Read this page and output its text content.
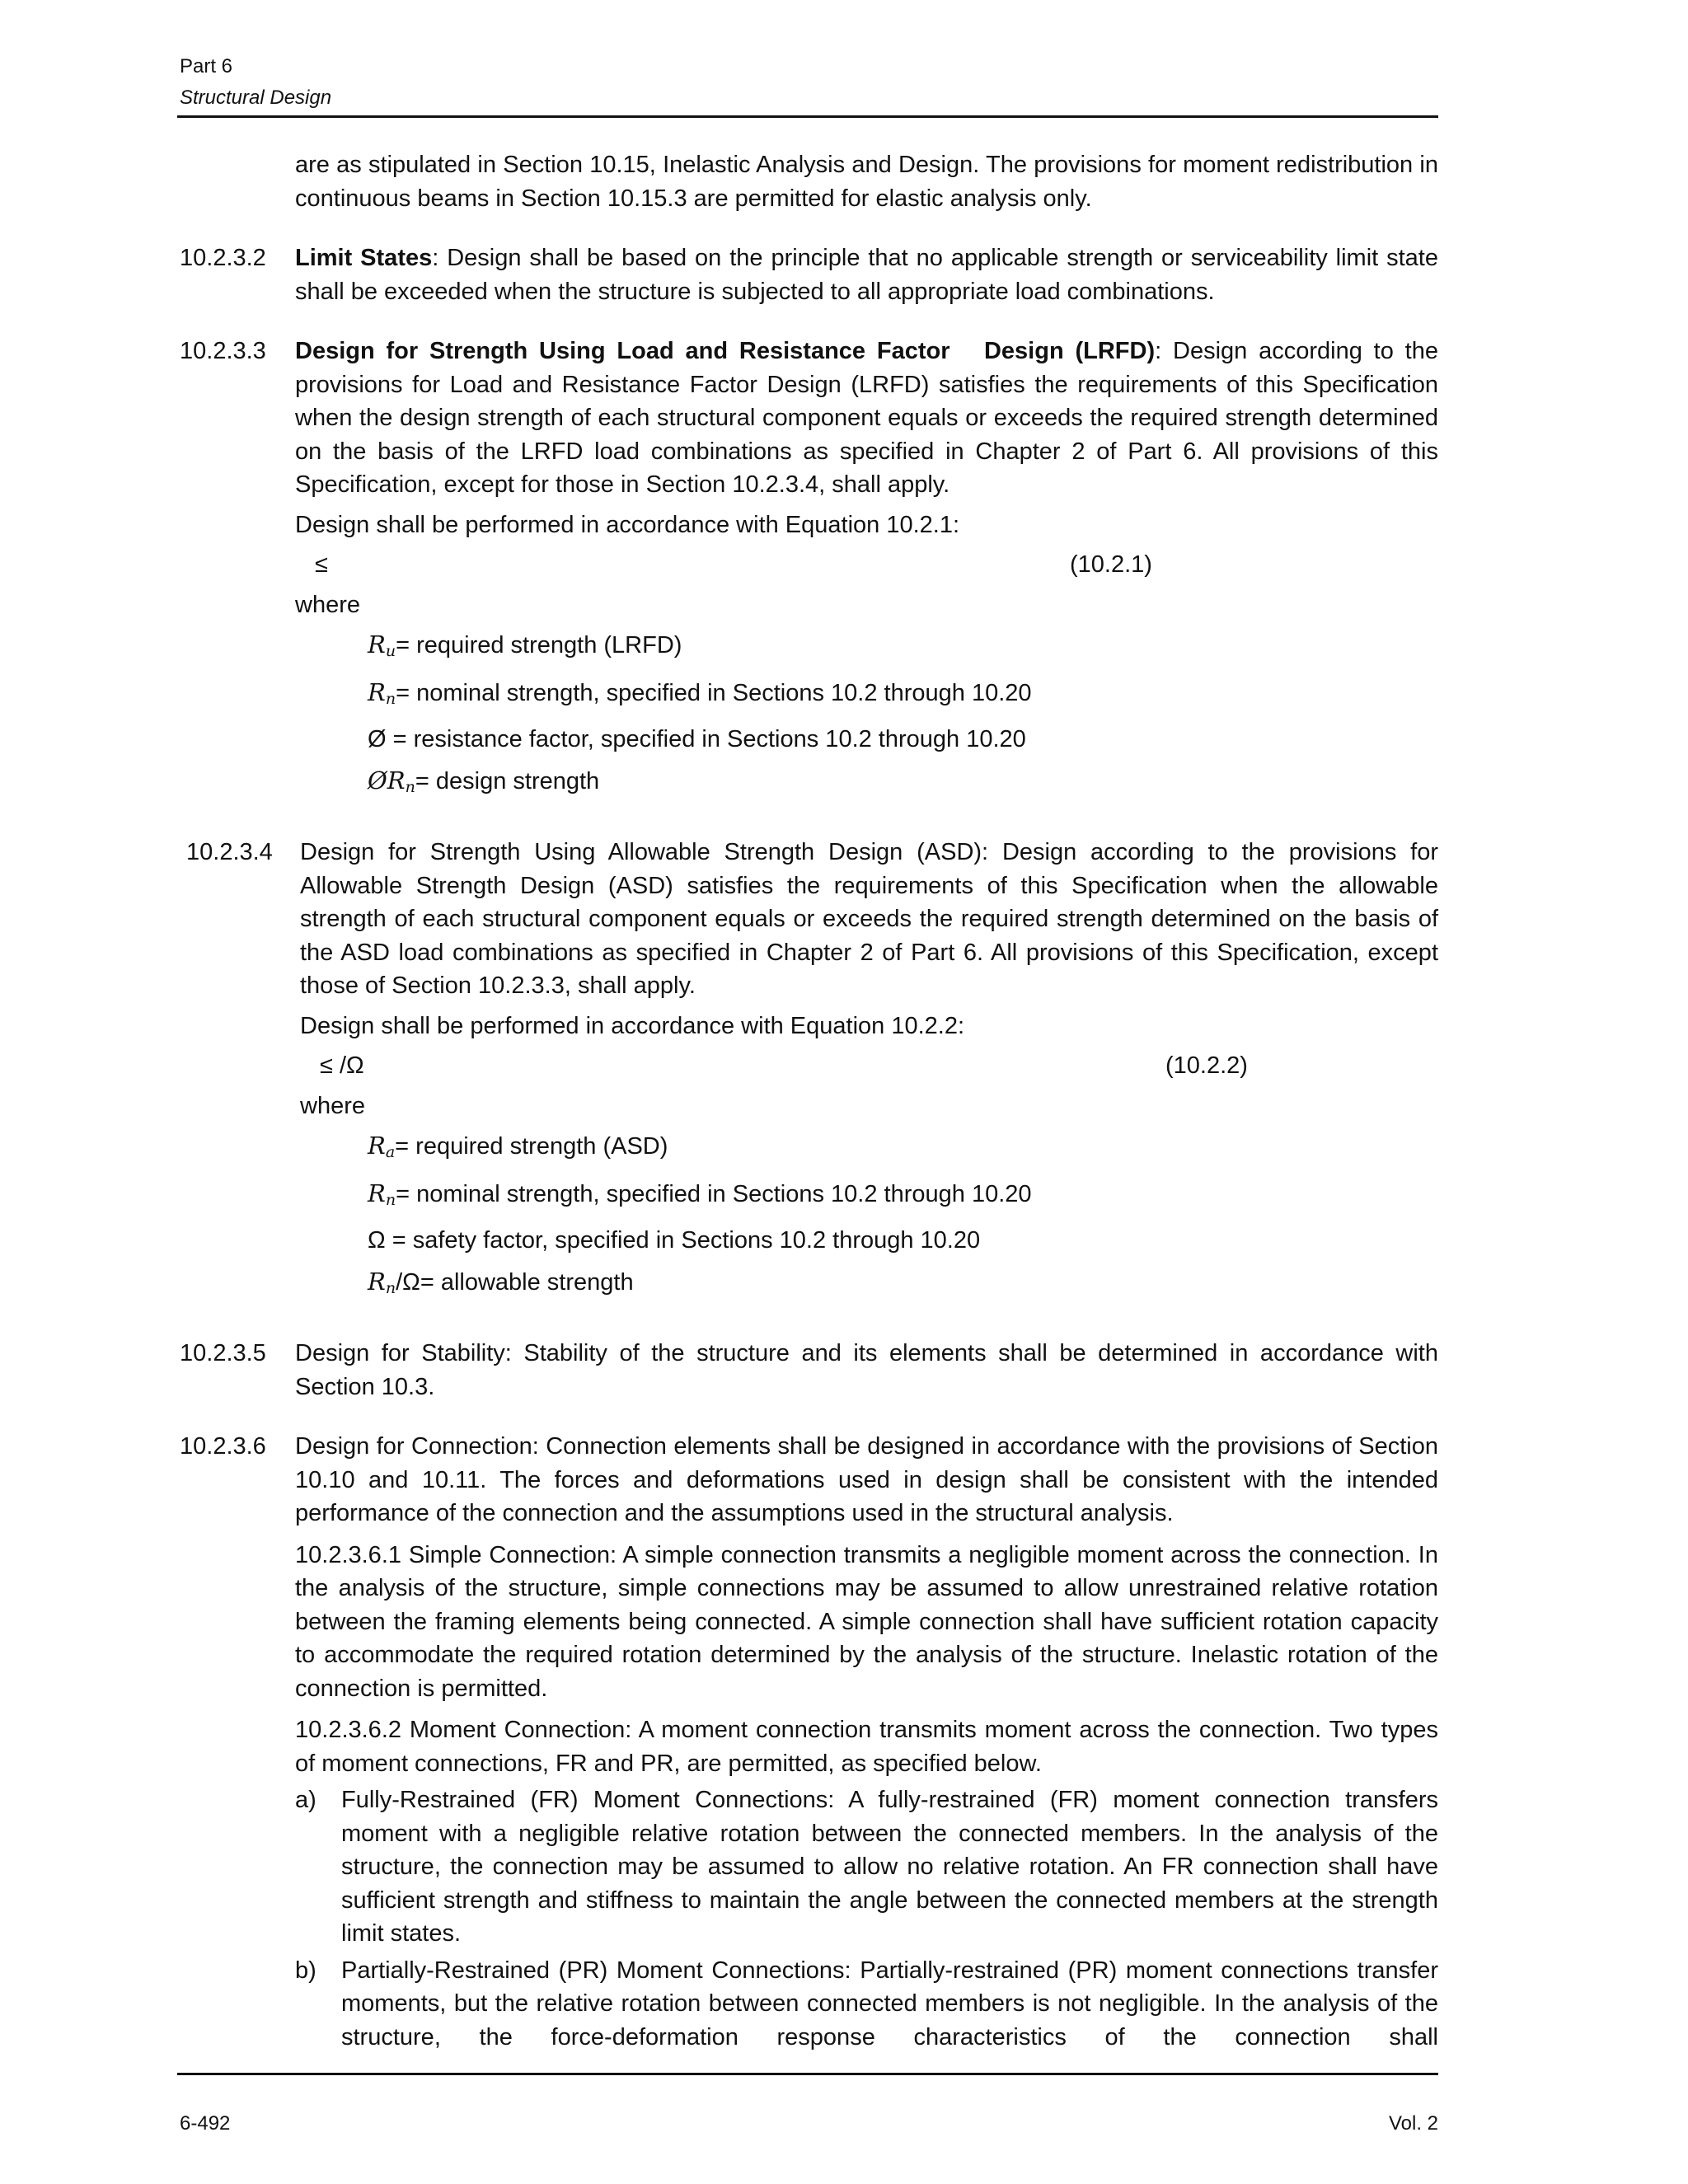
Part 6
Structural Design
are as stipulated in Section 10.15, Inelastic Analysis and Design. The provisions for moment redistribution in continuous beams in Section 10.15.3 are permitted for elastic analysis only.
10.2.3.2	Limit States: Design shall be based on the principle that no applicable strength or serviceability limit state shall be exceeded when the structure is subjected to all appropriate load combinations.
10.2.3.3	Design for Strength Using Load and Resistance Factor   Design (LRFD): Design according to the provisions for Load and Resistance Factor Design (LRFD) satisfies the requirements of this Specification when the design strength of each structural component equals or exceeds the required strength determined on the basis of the LRFD load combinations as specified in Chapter 2 of Part 6. All provisions of this Specification, except for those in Section 10.2.3.4, shall apply.
Design shall be performed in accordance with Equation 10.2.1:
≤	(10.2.1)
where
$R_u=$ required strength (LRFD)
$R_n=$ nominal strength, specified in Sections 10.2 through 10.20
Ø = resistance factor, specified in Sections 10.2 through 10.20
$ØR_n=$ design strength
10.2.3.4	Design for Strength Using Allowable Strength Design (ASD): Design according to the provisions for Allowable Strength Design (ASD) satisfies the requirements of this Specification when the allowable strength of each structural component equals or exceeds the required strength determined on the basis of the ASD load combinations as specified in Chapter 2 of Part 6. All provisions of this Specification, except those of Section 10.2.3.3, shall apply.
Design shall be performed in accordance with Equation 10.2.2:
≤ /Ω	(10.2.2)
where
$R_a=$ required strength (ASD)
$R_n=$ nominal strength, specified in Sections 10.2 through 10.20
Ω = safety factor, specified in Sections 10.2 through 10.20
$R_n/\Omega=$ allowable strength
10.2.3.5	Design for Stability: Stability of the structure and its elements shall be determined in accordance with Section 10.3.
10.2.3.6	Design for Connection: Connection elements shall be designed in accordance with the provisions of Section 10.10 and 10.11. The forces and deformations used in design shall be consistent with the intended performance of the connection and the assumptions used in the structural analysis.
10.2.3.6.1 Simple Connection: A simple connection transmits a negligible moment across the connection. In the analysis of the structure, simple connections may be assumed to allow unrestrained relative rotation between the framing elements being connected. A simple connection shall have sufficient rotation capacity to accommodate the required rotation determined by the analysis of the structure. Inelastic rotation of the connection is permitted.
10.2.3.6.2 Moment Connection: A moment connection transmits moment across the connection. Two types of moment connections, FR and PR, are permitted, as specified below.
a)	Fully-Restrained (FR) Moment Connections: A fully-restrained (FR) moment connection transfers moment with a negligible relative rotation between the connected members. In the analysis of the structure, the connection may be assumed to allow no relative rotation. An FR connection shall have sufficient strength and stiffness to maintain the angle between the connected members at the strength limit states.
b)	Partially-Restrained (PR) Moment Connections: Partially-restrained (PR) moment connections transfer moments, but the relative rotation between connected members is not negligible. In the analysis of the structure, the force-deformation response characteristics of the connection shall
6-492	Vol. 2
